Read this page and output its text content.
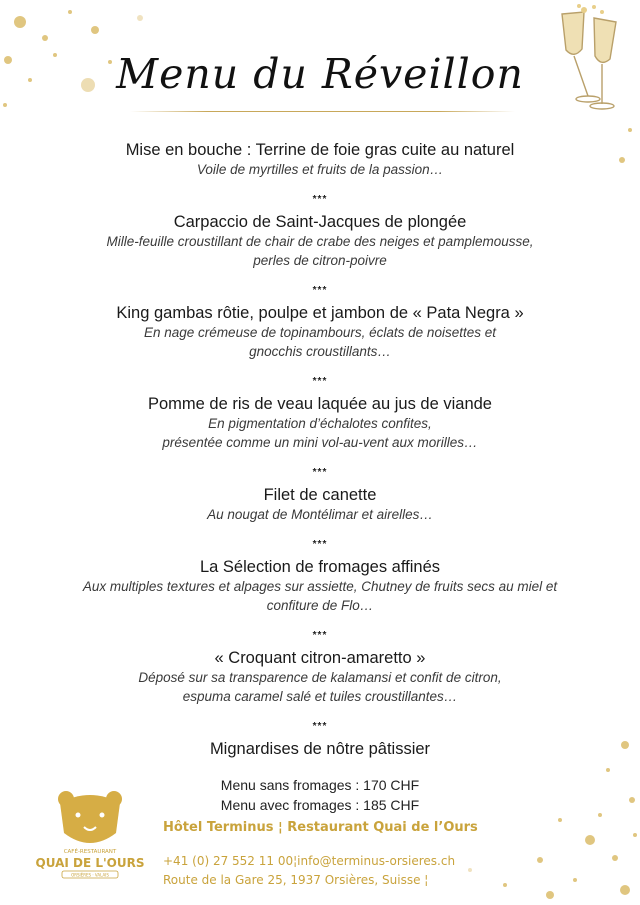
Menu du Réveillon
Mise en bouche : Terrine de foie gras cuite au naturel
Voile de myrtilles et fruits de la passion…
***
Carpaccio de Saint-Jacques de plongée
Mille-feuille croustillant de chair de crabe des neiges et pamplemousse,
perles de citron-poivre
***
King gambas rôtie, poulpe et jambon de « Pata Negra »
En nage crémeuse de topinambours, éclats de noisettes et
gnocchis croustillants…
***
Pomme de ris de veau laquée au jus de viande
En pigmentation d’échalotes confites,
présentée comme un mini vol-au-vent aux morilles…
***
Filet de canette
Au nougat de Montélimar et airelles…
***
La Sélection de fromages affinés
Aux multiples textures et alpages sur assiette, Chutney de fruits secs au miel et
confiture de Flo…
***
« Croquant citron-amaretto »
Déposé sur sa transparence de kalamansi et confit de citron,
espuma caramel salé et tuiles croustillantes…
***
Mignardises de nôtre pâtissier
Menu sans fromages : 170 CHF
Menu avec fromages : 185 CHF
CAFÉ-RESTAURANT
QUAI DE L'OURS
ORSIÈRES · VALAIS
Hôtel Terminus ¦ Restaurant Quai de l’Ours
+41 (0) 27 552 11 00¦info@terminus-orsieres.ch
Route de la Gare 25, 1937 Orsières, Suisse ¦
